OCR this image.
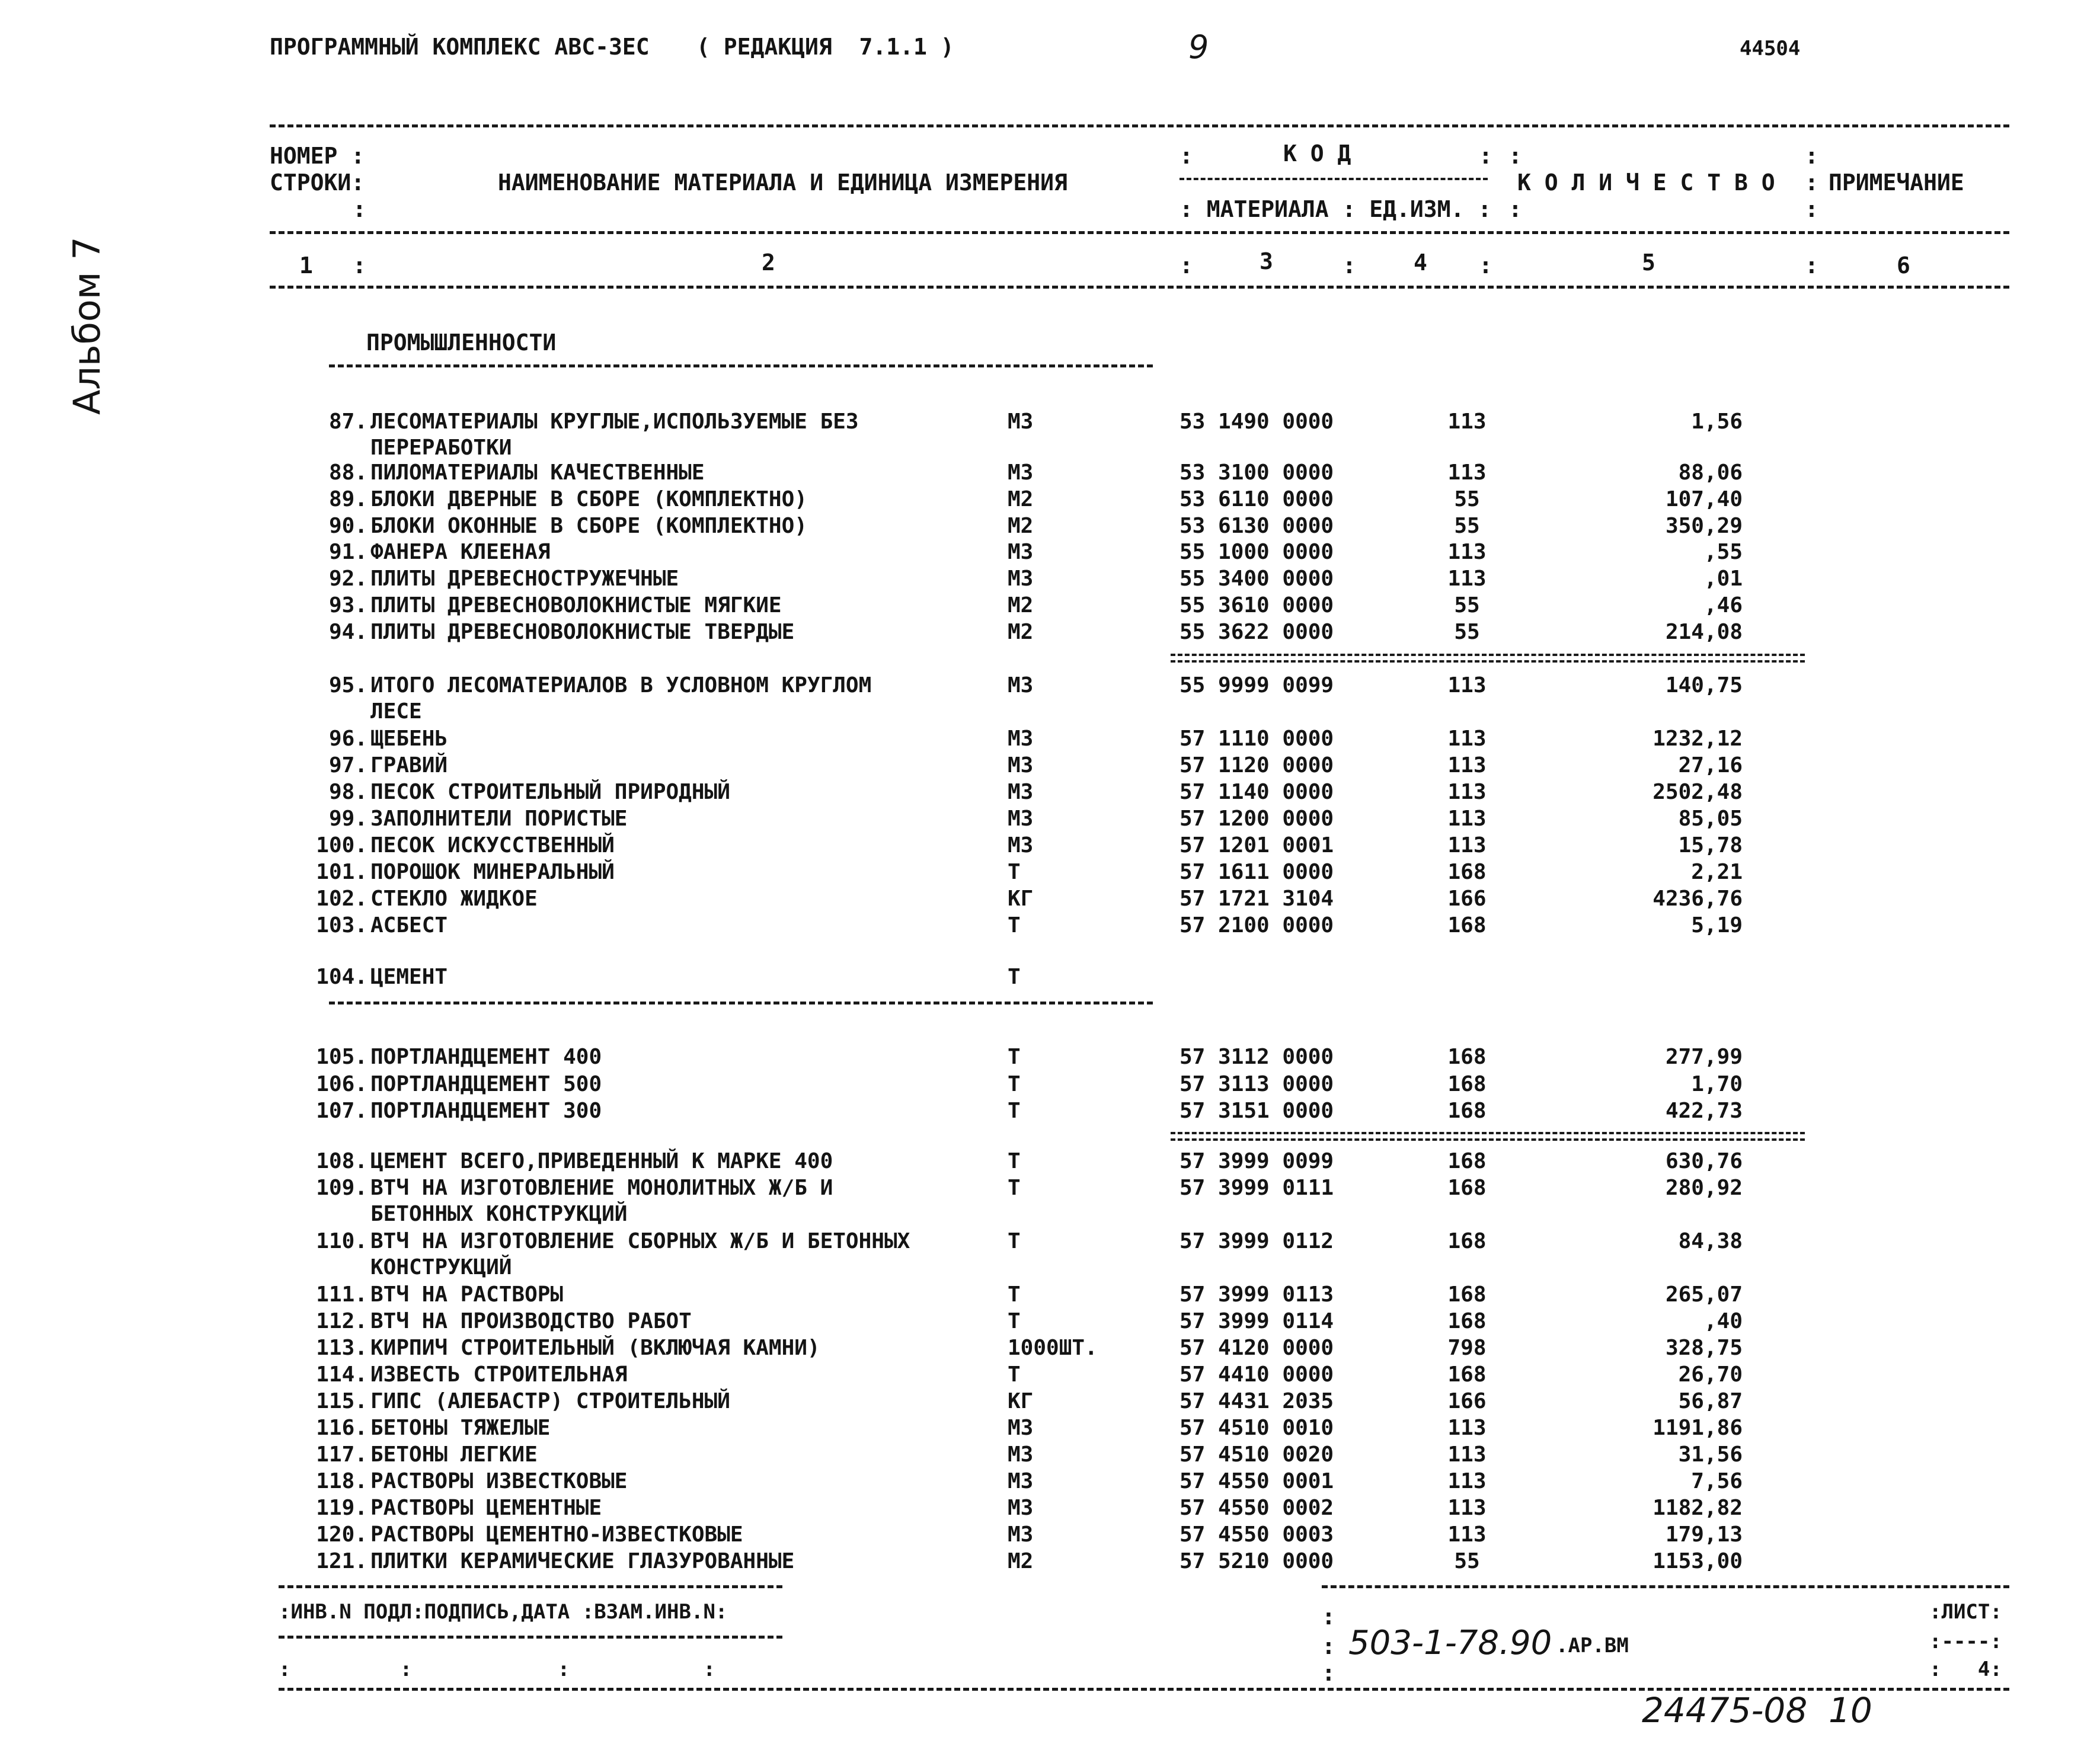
ПРОГРАММНЫЙ КОМПЛЕКС АВС-3ЕС ( РЕДАКЦИЯ  7.1.1 )	9	44504
Альбом 7
НОМЕР :
СТРОКИ:
:
НАИМЕНОВАНИЕ МАТЕРИАЛА И ЕДИНИЦА ИЗМЕРЕНИЯ
:	К О Д	:
: МАТЕРИАЛА : ЕД.ИЗМ. :
К О Л И Ч Е С Т В О
:
:
:
ПРИМЕЧАНИЕ
:
:
1 :	2	:	3	:	4 :	5	:	6
ПРОМЫШЛЕННОСТИ
87. ЛЕСОМАТЕРИАЛЫ КРУГЛЫЕ,ИСПОЛЬЗУЕМЫЕ БЕЗ	М3	53 1490 0000	113	1,56
ПЕРЕРАБОТКИ
88. ПИЛОМАТЕРИАЛЫ КАЧЕСТВЕННЫЕ	М3	53 3100 0000	113	88,06
89. БЛОКИ ДВЕРНЫЕ В СБОРЕ (КОМПЛЕКТНО)	М2	53 6110 0000	55	107,40
90. БЛОКИ ОКОННЫЕ В СБОРЕ (КОМПЛЕКТНО)	М2	53 6130 0000	55	350,29
91. ФАНЕРА КЛЕЕНАЯ	М3	55 1000 0000	113	,55
92. ПЛИТЫ ДРЕВЕСНОСТРУЖЕЧНЫЕ	М3	55 3400 0000	113	,01
93. ПЛИТЫ ДРЕВЕСНОВОЛОКНИСТЫЕ МЯГКИЕ	М2	55 3610 0000	55	,46
94. ПЛИТЫ ДРЕВЕСНОВОЛОКНИСТЫЕ ТВЕРДЫЕ	М2	55 3622 0000	55	214,08
95. ИТОГО ЛЕСОМАТЕРИАЛОВ В УСЛОВНОМ КРУГЛОМ	М3	55 9999 0099	113	140,75
ЛЕСЕ
96. ЩЕБЕНЬ	М3	57 1110 0000	113	1232,12
97. ГРАВИЙ	М3	57 1120 0000	113	27,16
98. ПЕСОК СТРОИТЕЛЬНЫЙ ПРИРОДНЫЙ	М3	57 1140 0000	113	2502,48
99. ЗАПОЛНИТЕЛИ ПОРИСТЫЕ	М3	57 1200 0000	113	85,05
100. ПЕСОК ИСКУССТВЕННЫЙ	М3	57 1201 0001	113	15,78
101. ПОРОШОК МИНЕРАЛЬНЫЙ	Т	57 1611 0000	168	2,21
102. СТЕКЛО ЖИДКОЕ	КГ	57 1721 3104	166	4236,76
103. АСБЕСТ	Т	57 2100 0000	168	5,19
104. ЦЕМЕНТ	Т
105. ПОРТЛАНДЦЕМЕНТ 400	Т	57 3112 0000	168	277,99
106. ПОРТЛАНДЦЕМЕНТ 500	Т	57 3113 0000	168	1,70
107. ПОРТЛАНДЦЕМЕНТ 300	Т	57 3151 0000	168	422,73
108. ЦЕМЕНТ ВСЕГО,ПРИВЕДЕННЫЙ К МАРКЕ 400	Т	57 3999 0099	168	630,76
109. ВТЧ НА ИЗГОТОВЛЕНИЕ МОНОЛИТНЫХ Ж/Б И	Т	57 3999 0111	168	280,92
БЕТОННЫХ КОНСТРУКЦИЙ
110. ВТЧ НА ИЗГОТОВЛЕНИЕ СБОРНЫХ Ж/Б И БЕТОННЫХ	Т	57 3999 0112	168	84,38
КОНСТРУКЦИЙ
111. ВТЧ НА РАСТВОРЫ	Т	57 3999 0113	168	265,07
112. ВТЧ НА ПРОИЗВОДСТВО РАБОТ	Т	57 3999 0114	168	,40
113. КИРПИЧ СТРОИТЕЛЬНЫЙ (ВКЛЮЧАЯ КАМНИ)	1000ШТ.	57 4120 0000	798	328,75
114. ИЗВЕСТЬ СТРОИТЕЛЬНАЯ	Т	57 4410 0000	168	26,70
115. ГИПС (АЛЕБАСТР) СТРОИТЕЛЬНЫЙ	КГ	57 4431 2035	166	56,87
116. БЕТОНЫ ТЯЖЕЛЫЕ	М3	57 4510 0010	113	1191,86
117. БЕТОНЫ ЛЕГКИЕ	М3	57 4510 0020	113	31,56
118. РАСТВОРЫ ИЗВЕСТКОВЫЕ	М3	57 4550 0001	113	7,56
119. РАСТВОРЫ ЦЕМЕНТНЫЕ	М3	57 4550 0002	113	1182,82
120. РАСТВОРЫ ЦЕМЕНТНО-ИЗВЕСТКОВЫЕ	М3	57 4550 0003	113	179,13
121. ПЛИТКИ КЕРАМИЧЕСКИЕ ГЛАЗУРОВАННЫЕ	М2	57 5210 0000	55	1153,00
:ИНВ.N ПОДЛ:ПОДПИСЬ,ДАТА :ВЗАМ.ИНВ.N:
:         :            :           :
:
:
:
503-1-78.90 .АР.ВМ
:ЛИСТ:
:----:
:   4:
24475-08 10
